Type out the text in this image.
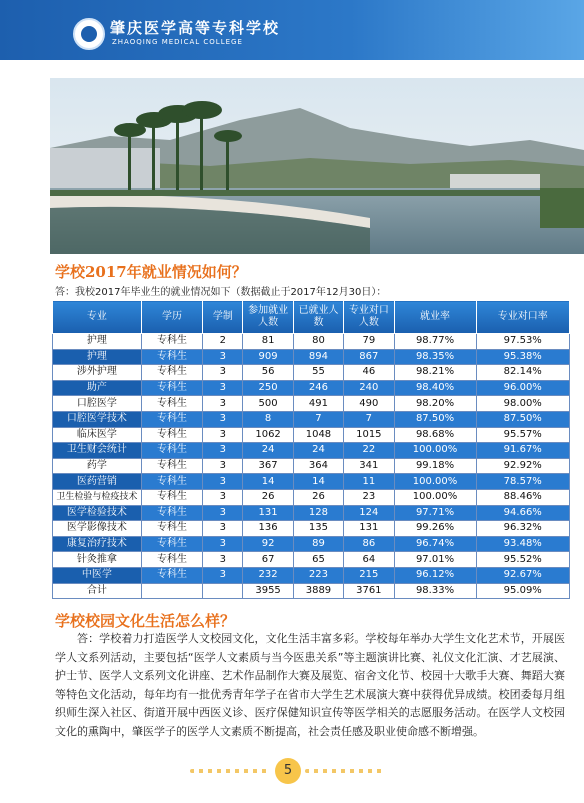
肇庆医学高等专科学校
ZHAOQING MEDICAL COLLEGE
学校2017年就业情况如何？
答：我校2017年毕业生的就业情况如下（数据截止于2017年12月30日）：
专业	学历	学制	参加就业人数	已就业人数	专业对口人数	就业率	专业对口率
护理	专科生	2	81	80	79	98.77%	97.53%
护理	专科生	3	909	894	867	98.35%	95.38%
涉外护理	专科生	3	56	55	46	98.21%	82.14%
助产	专科生	3	250	246	240	98.40%	96.00%
口腔医学	专科生	3	500	491	490	98.20%	98.00%
口腔医学技术	专科生	3	8	7	7	87.50%	87.50%
临床医学	专科生	3	1062	1048	1015	98.68%	95.57%
卫生财会统计	专科生	3	24	24	22	100.00%	91.67%
药学	专科生	3	367	364	341	99.18%	92.92%
医药营销	专科生	3	14	14	11	100.00%	78.57%
卫生检验与检疫技术	专科生	3	26	26	23	100.00%	88.46%
医学检验技术	专科生	3	131	128	124	97.71%	94.66%
医学影像技术	专科生	3	136	135	131	99.26%	96.32%
康复治疗技术	专科生	3	92	89	86	96.74%	93.48%
针灸推拿	专科生	3	67	65	64	97.01%	95.52%
中医学	专科生	3	232	223	215	96.12%	92.67%
合计			3955	3889	3761	98.33%	95.09%
学校校园文化生活怎么样？
答：学校着力打造医学人文校园文化，文化生活丰富多彩。学校每年举办大学生文化艺术节，开展医学人文系列活动，主要包括“医学人文素质与当今医患关系”等主题演讲比赛、礼仪文化汇演、才艺展演、护士节、医学人文系列文化讲座、艺术作品制作大赛及展览、宿舍文化节、校园十大歌手大赛、舞蹈大赛等特色文化活动，每年均有一批优秀青年学子在省市大学生艺术展演大赛中获得优异成绩。校团委每月组织师生深入社区、街道开展中西医义诊、医疗保健知识宣传等医学相关的志愿服务活动。在医学人文校园文化的熏陶中，肇医学子的医学人文素质不断提高，社会责任感及职业使命感不断增强。
5
